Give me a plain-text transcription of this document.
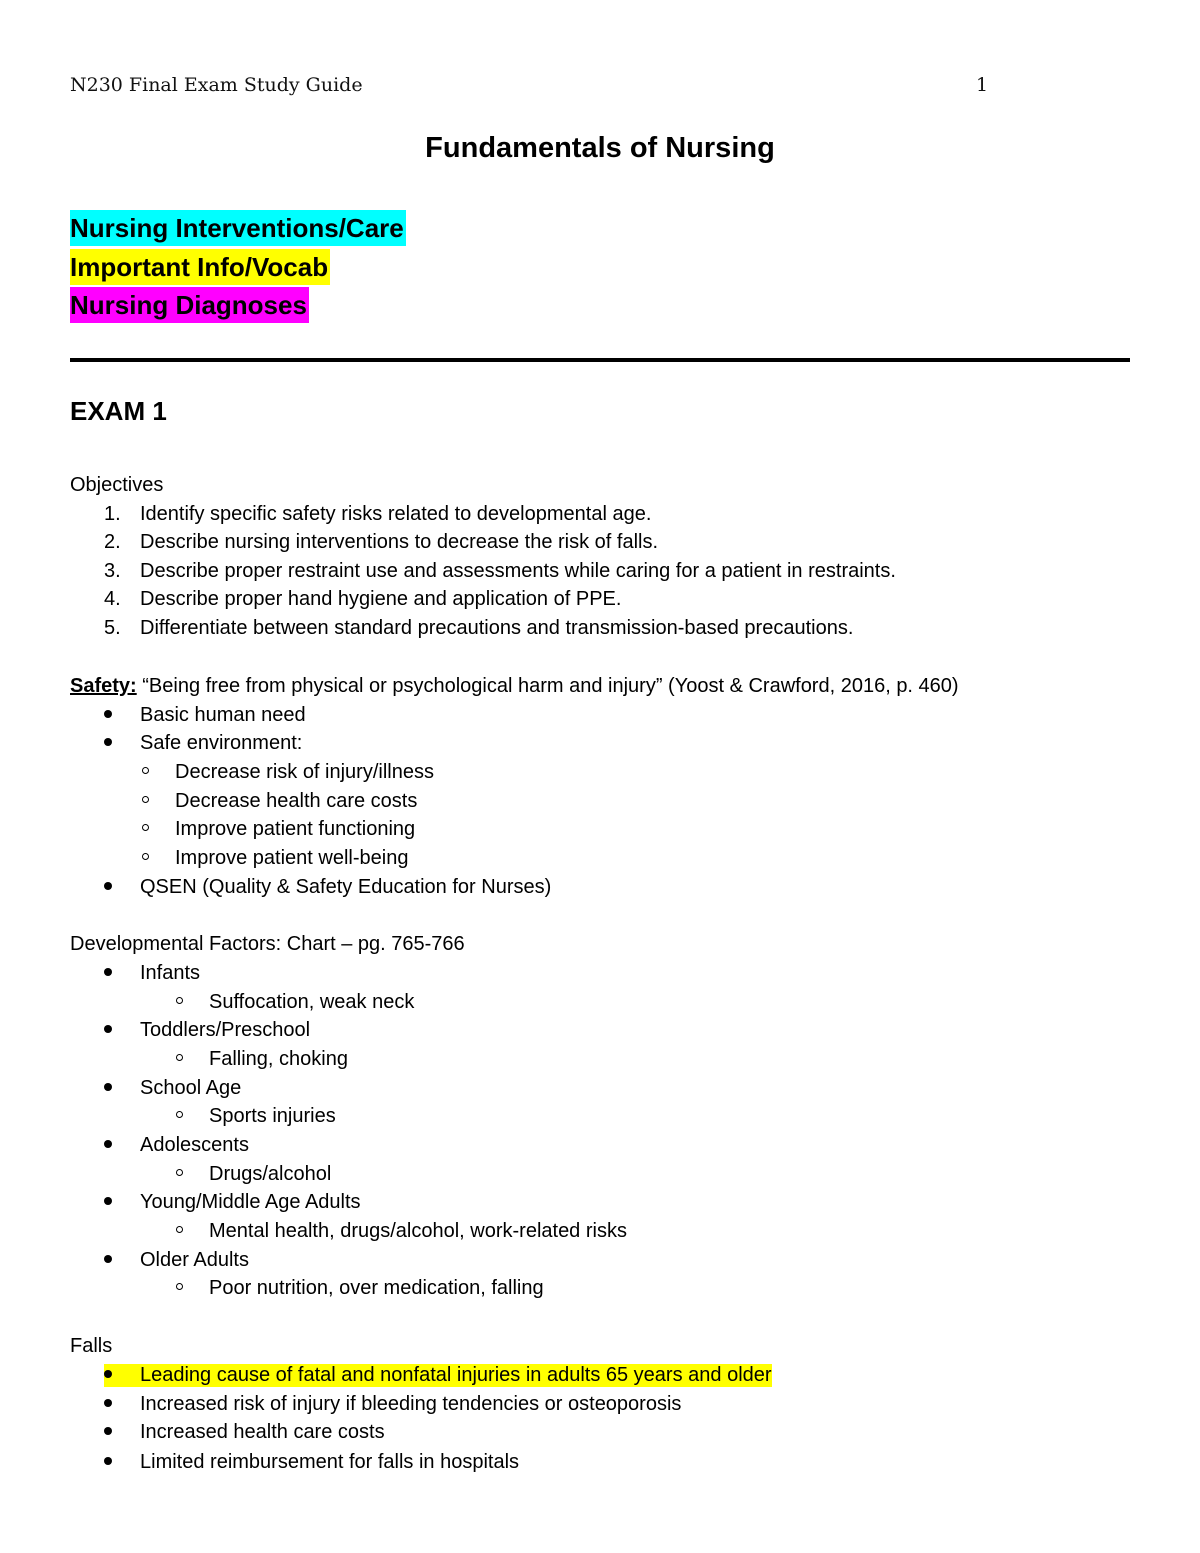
N230 Final Exam Study Guide	1
Fundamentals of Nursing
Nursing Interventions/Care
Important Info/Vocab
Nursing Diagnoses
EXAM 1
Objectives
1. Identify specific safety risks related to developmental age.
2. Describe nursing interventions to decrease the risk of falls.
3. Describe proper restraint use and assessments while caring for a patient in restraints.
4. Describe proper hand hygiene and application of PPE.
5. Differentiate between standard precautions and transmission-based precautions.
Safety: “Being free from physical or psychological harm and injury” (Yoost & Crawford, 2016, p. 460)
Basic human need
Safe environment:
Decrease risk of injury/illness
Decrease health care costs
Improve patient functioning
Improve patient well-being
QSEN (Quality & Safety Education for Nurses)
Developmental Factors: Chart – pg. 765-766
Infants
Suffocation, weak neck
Toddlers/Preschool
Falling, choking
School Age
Sports injuries
Adolescents
Drugs/alcohol
Young/Middle Age Adults
Mental health, drugs/alcohol, work-related risks
Older Adults
Poor nutrition, over medication, falling
Falls
Leading cause of fatal and nonfatal injuries in adults 65 years and older
Increased risk of injury if bleeding tendencies or osteoporosis
Increased health care costs
Limited reimbursement for falls in hospitals
